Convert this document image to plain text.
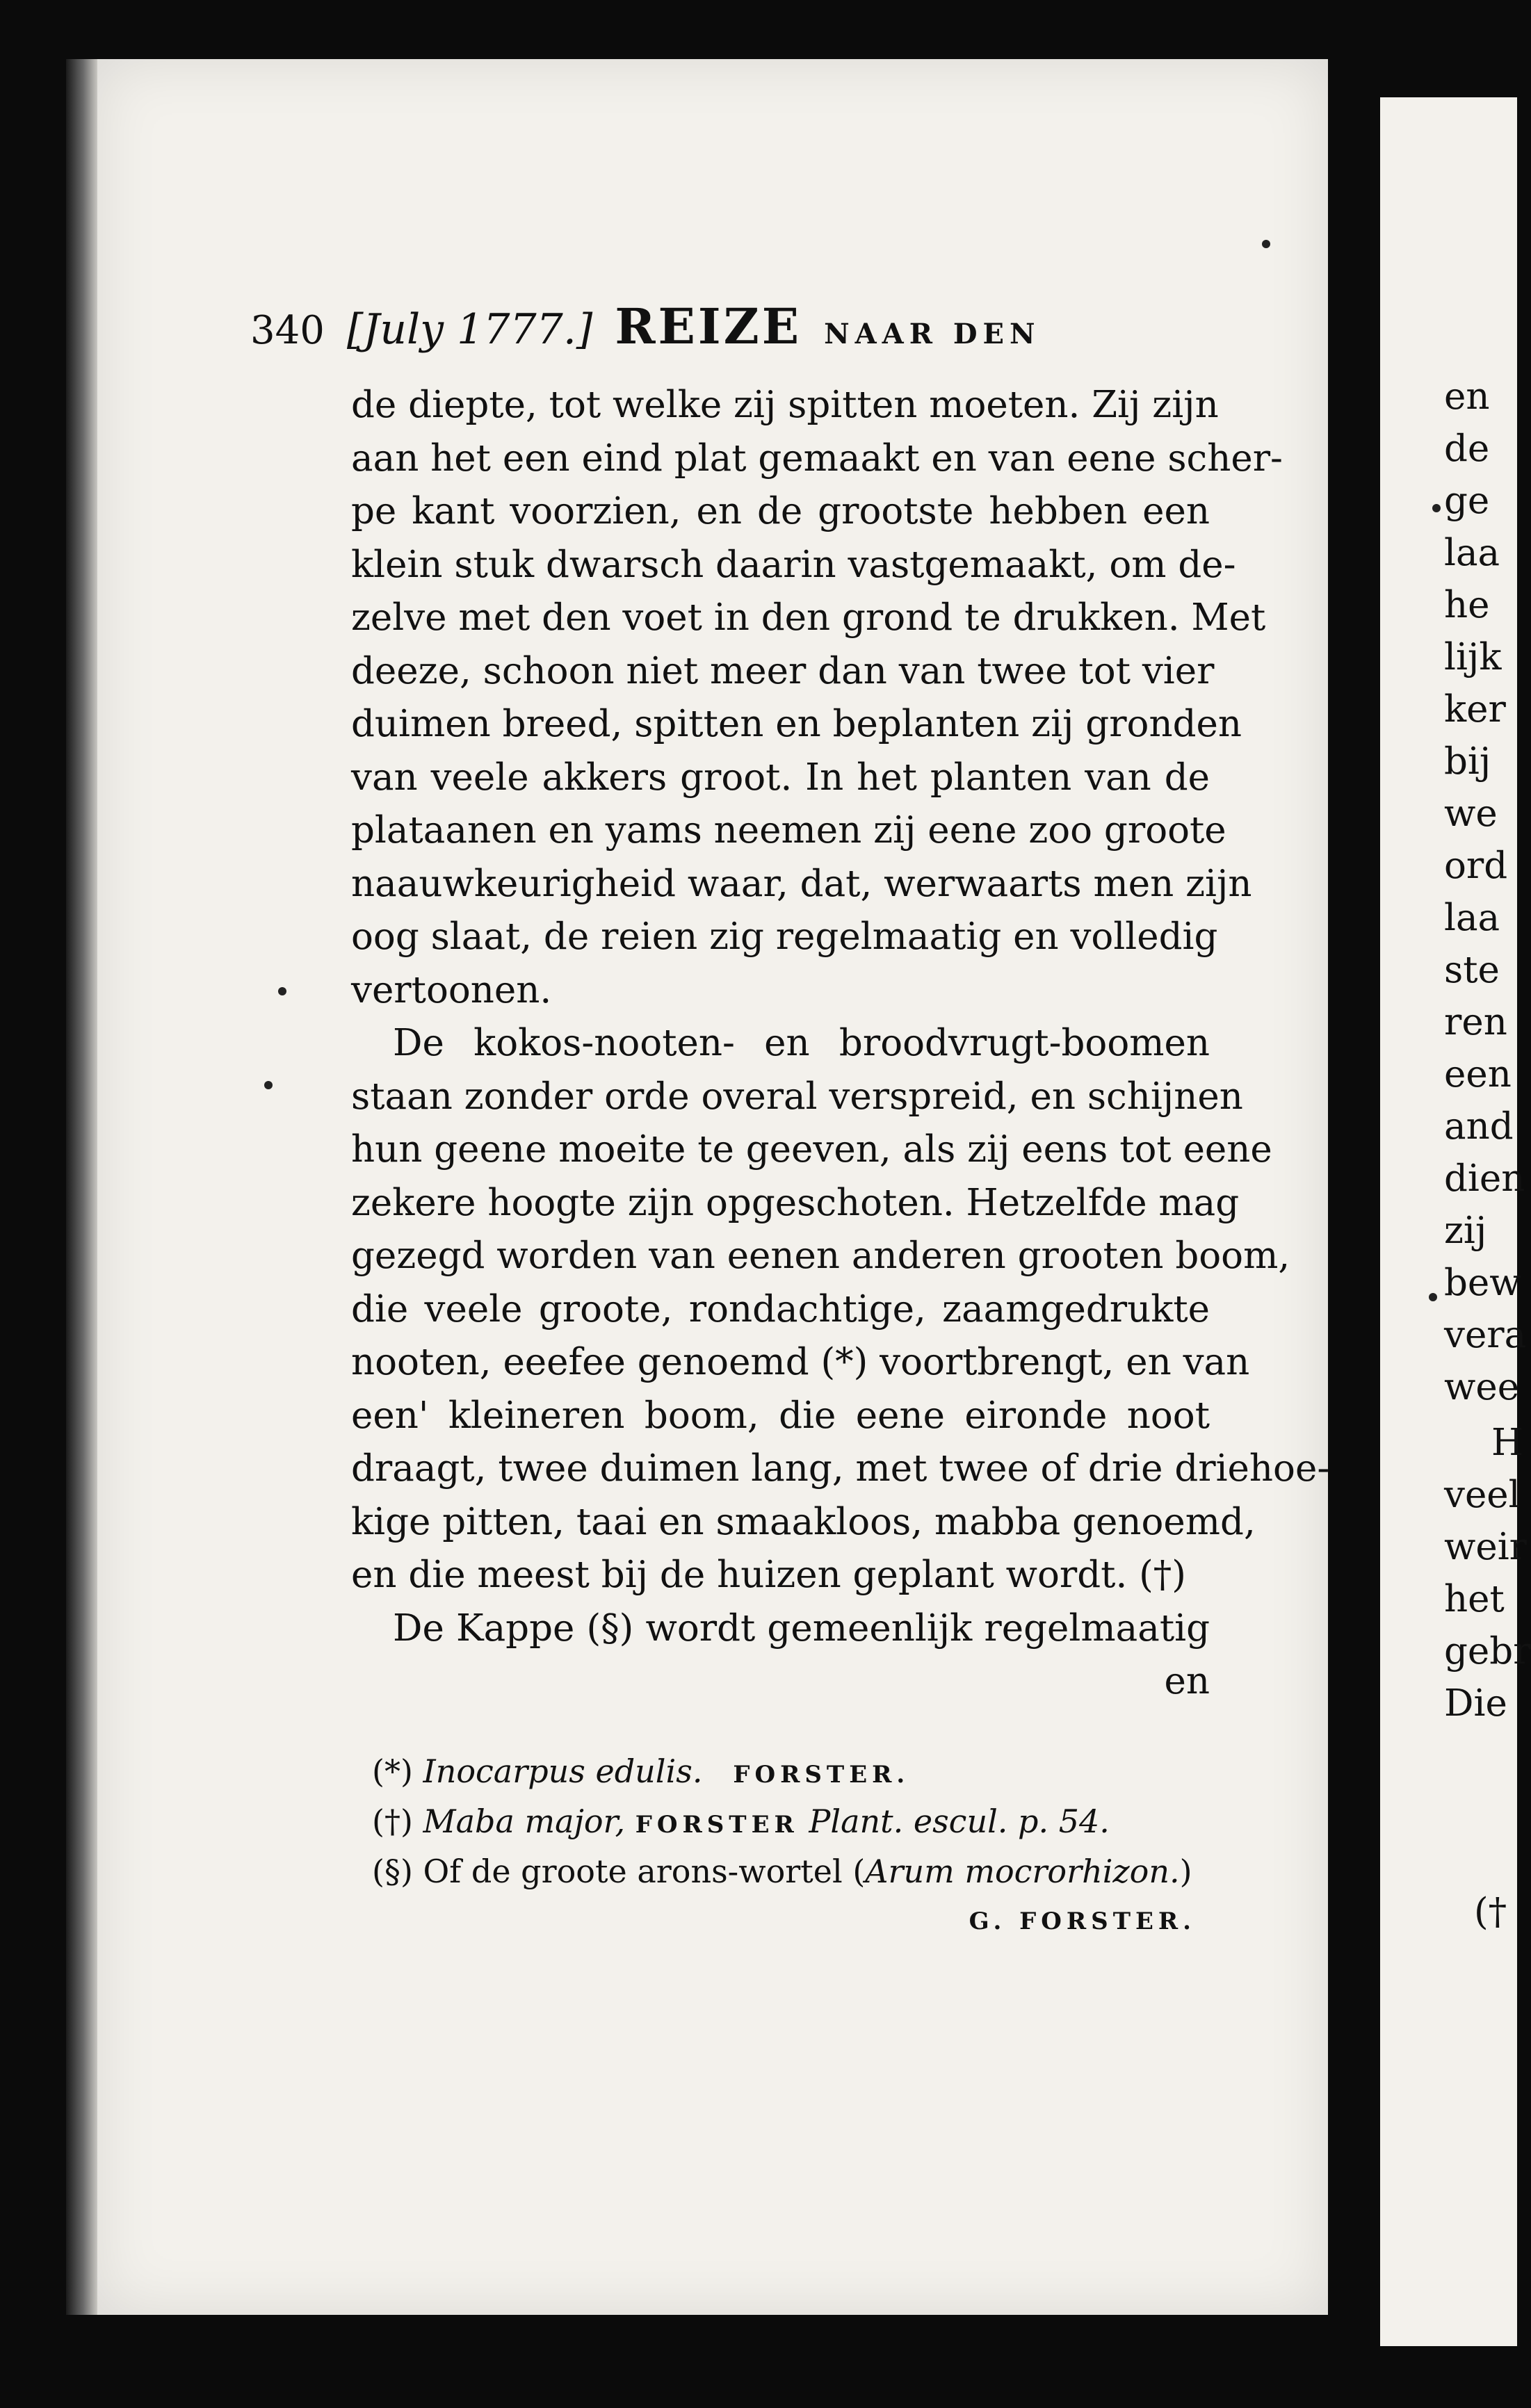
340 [July 1777.] REIZE NAAR DEN
de diepte, tot welke zij spitten moeten. Zij zijn
aan het een eind plat gemaakt en van eene scher-
pe kant voorzien, en de grootste hebben een
klein stuk dwarsch daarin vastgemaakt, om de-
zelve met den voet in den grond te drukken. Met
deeze, schoon niet meer dan van twee tot vier
duimen breed, spitten en beplanten zij gronden
van veele akkers groot. In het planten van de
plataanen en yams neemen zij eene zoo groote
naauwkeurigheid waar, dat, werwaarts men zijn
oog slaat, de reien zig regelmaatig en volledig
vertoonen.
De kokos-nooten- en broodvrugt-boomen
staan zonder orde overal verspreid, en schijnen
hun geene moeite te geeven, als zij eens tot eene
zekere hoogte zijn opgeschoten. Hetzelfde mag
gezegd worden van eenen anderen grooten boom,
die veele groote, rondachtige, zaamgedrukte
nooten, eeefee genoemd (*) voortbrengt, en van
een' kleineren boom, die eene eironde noot
draagt, twee duimen lang, met twee of drie driehoe-
kige pitten, taai en smaakloos, mabba genoemd,
en die meest bij de huizen geplant wordt. (†)
De Kappe (§) wordt gemeenlijk regelmaatig
en
(*) Inocarpus edulis. FORSTER.
(†) Maba major, FORSTER Plant. escul. p. 54.
(§) Of de groote arons-wortel (Arum mocrorhizon.)
G. FORSTER.
en
de
ge
laa
he
lijk
ker
bij
we
ord
laa
ste
ren
een
and
dien
zij
bew
vera
wee
H
veel
weir
het
gebr
Die
(†
